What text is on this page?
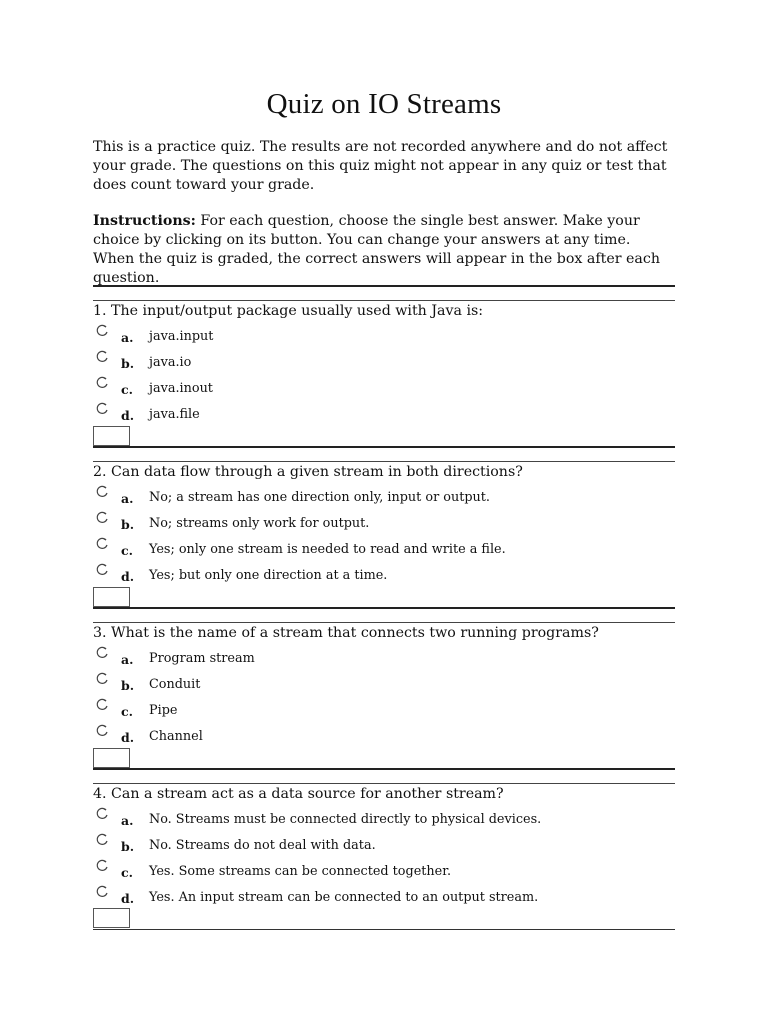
Quiz on IO Streams

This is a practice quiz. The results are not recorded anywhere and do not affect your grade. The questions on this quiz might not appear in any quiz or test that does count toward your grade.

Instructions: For each question, choose the single best answer. Make your choice by clicking on its button. You can change your answers at any time. When the quiz is graded, the correct answers will appear in the box after each question.

1. The input/output package usually used with Java is:

a.	java.input
b.	java.io
c.	java.inout
d.	java.file

2. Can data flow through a given stream in both directions?

a.	No; a stream has one direction only, input or output.
b.	No; streams only work for output.
c.	Yes; only one stream is needed to read and write a file.
d.	Yes; but only one direction at a time.

3. What is the name of a stream that connects two running programs?

a.	Program stream
b.	Conduit
c.	Pipe
d.	Channel

4. Can a stream act as a data source for another stream?

a.	No. Streams must be connected directly to physical devices.
b.	No. Streams do not deal with data.
c.	Yes. Some streams can be connected together.
d.	Yes. An input stream can be connected to an output stream.
